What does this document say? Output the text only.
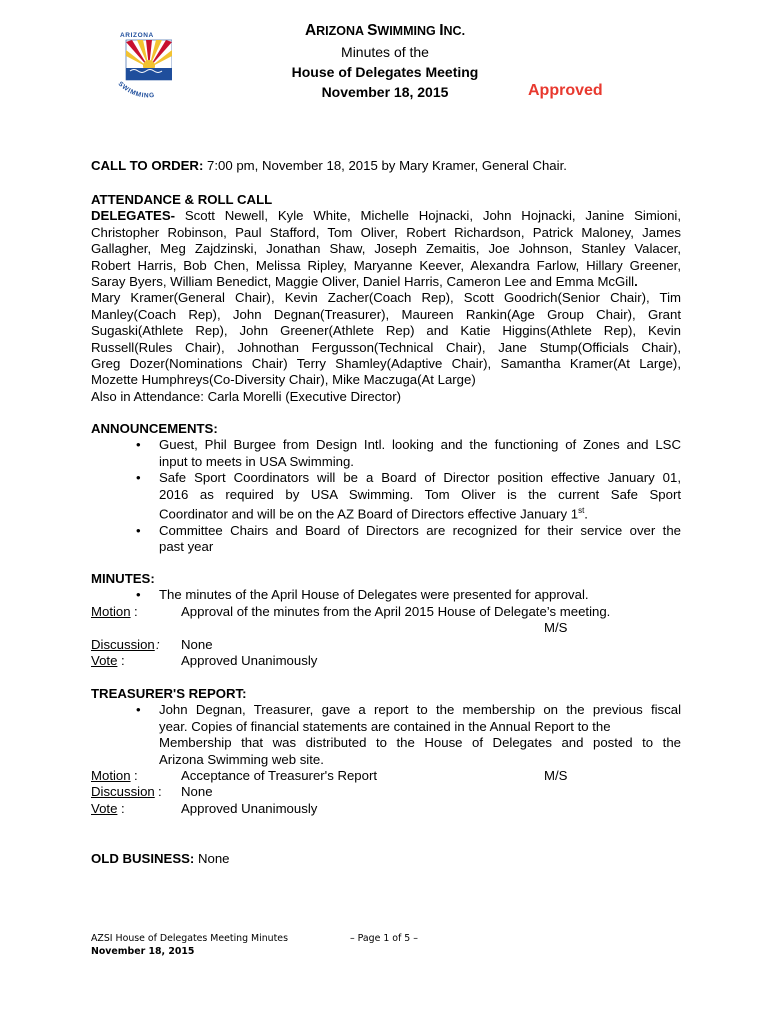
ARIZONA
SWIMMING
ARIZONA SWIMMING INC.
Minutes of the
House of Delegates Meeting
November 18, 2015	Approved
CALL TO ORDER: 7:00 pm, November 18, 2015 by Mary Kramer, General Chair.
ATTENDANCE & ROLL CALL
DELEGATES- Scott Newell, Kyle White, Michelle Hojnacki, John Hojnacki, Janine Simioni,
Christopher Robinson, Paul Stafford, Tom Oliver, Robert Richardson, Patrick Maloney, James
Gallagher, Meg Zajdzinski, Jonathan Shaw, Joseph Zemaitis, Joe Johnson, Stanley Valacer,
Robert Harris, Bob Chen, Melissa Ripley, Maryanne Keever, Alexandra Farlow, Hillary Greener,
Saray Byers, William Benedict, Maggie Oliver, Daniel Harris, Cameron Lee and Emma McGill.
Mary Kramer(General Chair), Kevin Zacher(Coach Rep), Scott Goodrich(Senior Chair), Tim
Manley(Coach Rep), John Degnan(Treasurer), Maureen Rankin(Age Group Chair), Grant
Sugaski(Athlete Rep), John Greener(Athlete Rep) and Katie Higgins(Athlete Rep), Kevin
Russell(Rules Chair), Johnothan Fergusson(Technical Chair), Jane Stump(Officials Chair),
Greg Dozer(Nominations Chair) Terry Shamley(Adaptive Chair), Samantha Kramer(At Large),
Mozette Humphreys(Co-Diversity Chair), Mike Maczuga(At Large)
Also in Attendance: Carla Morelli (Executive Director)
ANNOUNCEMENTS:
• Guest, Phil Burgee from Design Intl. looking and the functioning of Zones and LSC
input to meets in USA Swimming.
• Safe Sport Coordinators will be a Board of Director position effective January 01,
2016 as required by USA Swimming. Tom Oliver is the current Safe Sport
Coordinator and will be on the AZ Board of Directors effective January 1st.
• Committee Chairs and Board of Directors are recognized for their service over the
past year
MINUTES:
• The minutes of the April House of Delegates were presented for approval.
Motion :	Approval of the minutes from the April 2015 House of Delegate’s meeting.
M/S
Discussion : None
Vote :	Approved Unanimously
TREASURER'S REPORT:
• John Degnan, Treasurer, gave a report to the membership on the previous fiscal
year. Copies of financial statements are contained in the Annual Report to the
Membership that was distributed to the House of Delegates and posted to the
Arizona Swimming web site.
Motion :	Acceptance of Treasurer's Report	M/S
Discussion : None
Vote :	Approved Unanimously
OLD BUSINESS: None
AZSI House of Delegates Meeting Minutes
November 18, 2015
– Page 1 of 5 –
